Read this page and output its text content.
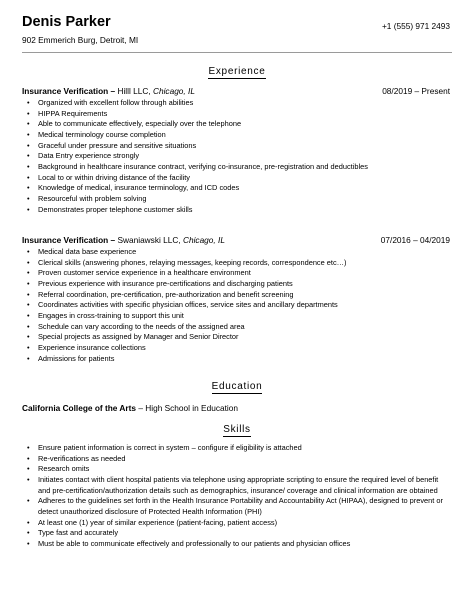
Denis Parker
902 Emmerich Burg, Detroit, MI
+1 (555) 971 2493
Experience
Insurance Verification – Hilll LLC, Chicago, IL	08/2019 – Present
• Organized with excellent follow through abilities
• HIPPA Requirements
• Able to communicate effectively, especially over the telephone
• Medical terminology course completion
• Graceful under pressure and sensitive situations
• Data Entry experience strongly
• Background in healthcare insurance contract, verifying co-insurance, pre-registration and deductibles
• Local to or within driving distance of the facility
• Knowledge of medical, insurance terminology, and ICD codes
• Resourceful with problem solving
• Demonstrates proper telephone customer skills
Insurance Verification – Swaniawski LLC, Chicago, IL	07/2016 – 04/2019
• Medical data base experience
• Clerical skills (answering phones, relaying messages, keeping records, correspondence etc…)
• Proven customer service experience in a healthcare environment
• Previous experience with insurance pre-certifications and discharging patients
• Referral coordination, pre-certification, pre-authorization and benefit screening
• Coordinates activities with specific physician offices, service sites and ancillary departments
• Engages in cross-training to support this unit
• Schedule can vary according to the needs of the assigned area
• Special projects as assigned by Manager and Senior Director
• Experience insurance collections
• Admissions for patients
Education
California College of the Arts – High School in Education
Skills
• Ensure patient information is correct in system – configure if eligibility is attached
• Re-verifications as needed
• Research omits
• Initiates contact with client hospital patients via telephone using appropriate scripting to ensure the required level of benefit and pre-certification/authorization details such as demographics, insurance/ coverage and clinical information are obtained
• Adheres to the guidelines set forth in the Health Insurance Portability and Accountability Act (HIPAA), designed to prevent or detect unauthorized disclosure of Protected Health Information (PHI)
• At least one (1) year of similar experience (patient-facing, patient access)
• Type fast and accurately
• Must be able to communicate effectively and professionally to our patients and physician offices
